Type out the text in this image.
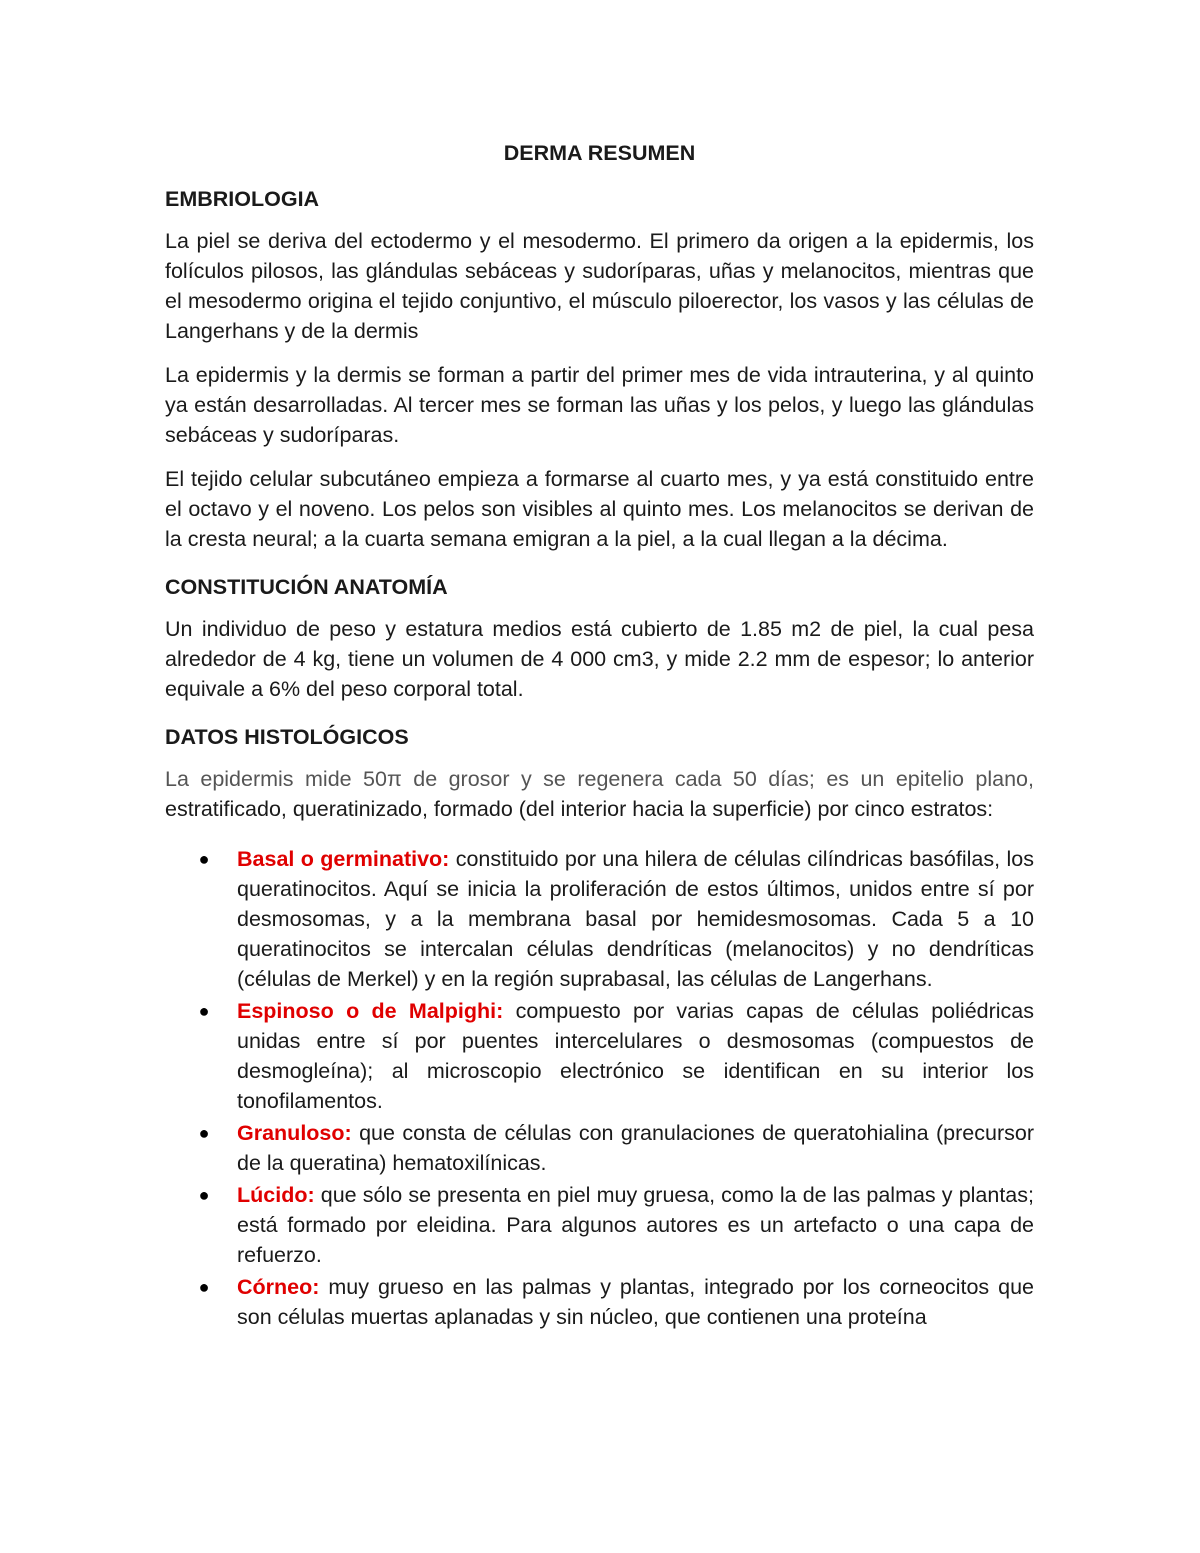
DERMA RESUMEN
EMBRIOLOGIA

La piel se deriva del ectodermo y el mesodermo. El primero da origen a la epidermis, los folículos pilosos, las glándulas sebáceas y sudoríparas, uñas y melanocitos, mientras que el mesodermo origina el tejido conjuntivo, el músculo piloerector, los vasos y las células de Langerhans y de la dermis

La epidermis y la dermis se forman a partir del primer mes de vida intrauterina, y al quinto ya están desarrolladas. Al tercer mes se forman las uñas y los pelos, y luego las glándulas sebáceas y sudoríparas.

El tejido celular subcutáneo empieza a formarse al cuarto mes, y ya está constituido entre el octavo y el noveno. Los pelos son visibles al quinto mes. Los melanocitos se derivan de la cresta neural; a la cuarta semana emigran a la piel, a la cual llegan a la décima.

CONSTITUCIÓN ANATOMÍA

Un individuo de peso y estatura medios está cubierto de 1.85 m2 de piel, la cual pesa alrededor de 4 kg, tiene un volumen de 4 000 cm3, y mide 2.2 mm de espesor; lo anterior equivale a 6% del peso corporal total.

DATOS HISTOLÓGICOS

La epidermis mide 50π de grosor y se regenera cada 50 días; es un epitelio plano, estratificado, queratinizado, formado (del interior hacia la superficie) por cinco estratos:

● Basal o germinativo: constituido por una hilera de células cilíndricas basófilas, los queratinocitos. Aquí se inicia la proliferación de estos últimos, unidos entre sí por desmosomas, y a la membrana basal por hemidesmosomas. Cada 5 a 10 queratinocitos se intercalan células dendríticas (melanocitos) y no dendríticas (células de Merkel) y en la región suprabasal, las células de Langerhans.
● Espinoso o de Malpighi: compuesto por varias capas de células poliédricas unidas entre sí por puentes intercelulares o desmosomas (compuestos de desmogleína); al microscopio electrónico se identifican en su interior los tonofilamentos.
● Granuloso: que consta de células con granulaciones de queratohialina (precursor de la queratina) hematoxilínicas.
● Lúcido: que sólo se presenta en piel muy gruesa, como la de las palmas y plantas; está formado por eleidina. Para algunos autores es un artefacto o una capa de refuerzo.
● Córneo: muy grueso en las palmas y plantas, integrado por los corneocitos que son células muertas aplanadas y sin núcleo, que contienen una proteína
